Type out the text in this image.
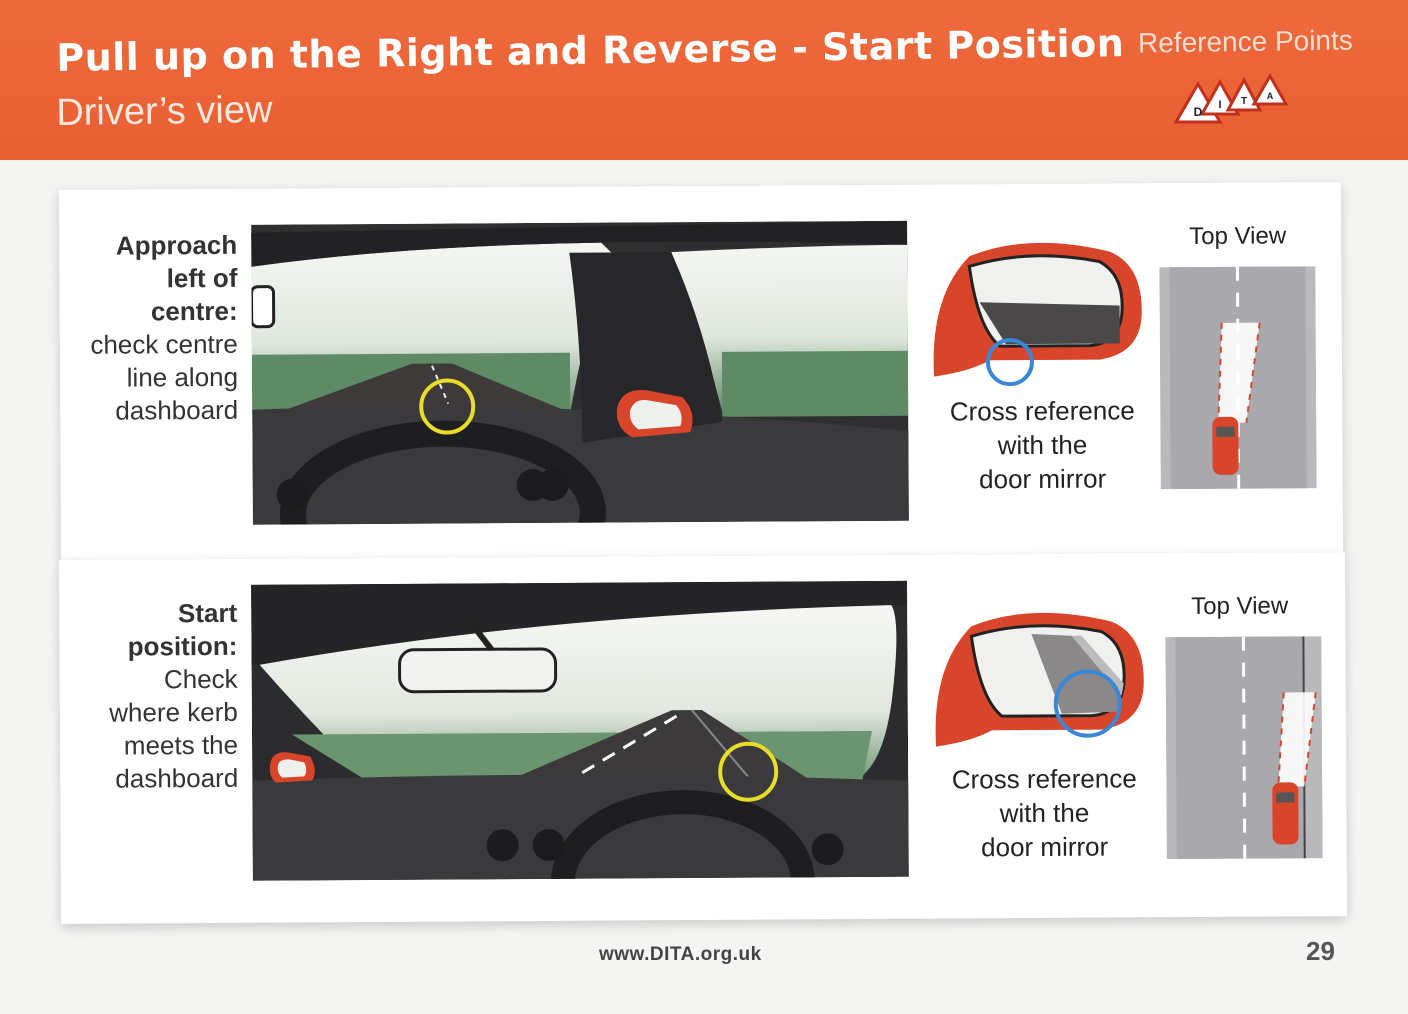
Pull up on the Right and Reverse - Start Position
Driver’s view
Reference Points
D I T A
Approach
left of
centre:
check centre
line along
dashboard	Cross reference
with the
door mirror
Top View
Start
position:
Check
where kerb
meets the
dashboard	Cross reference
with the
door mirror
Top View
www.DITA.org.uk	29
